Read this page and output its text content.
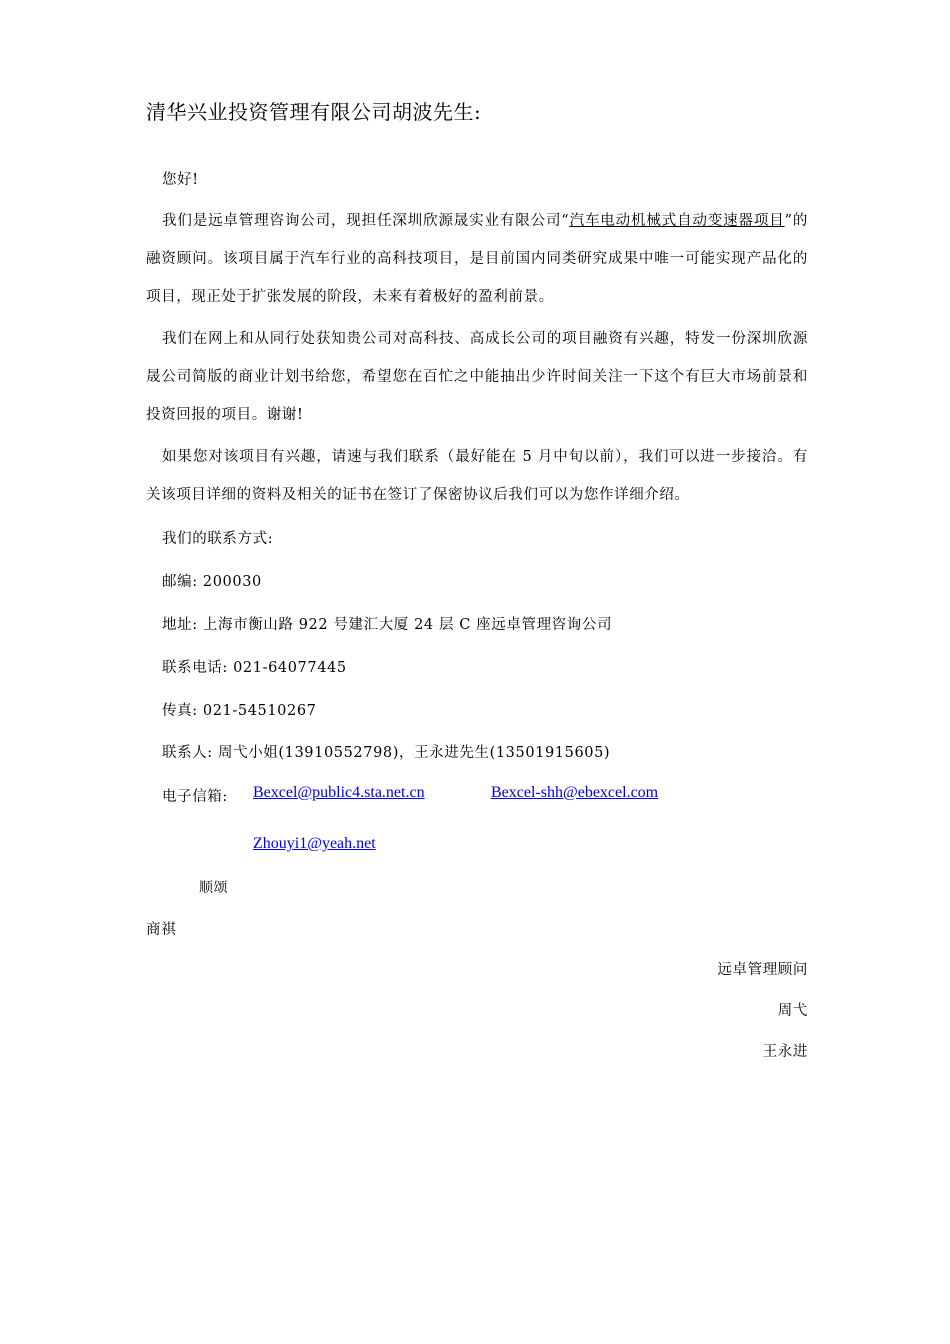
清华兴业投资管理有限公司胡波先生:
您好!

我们是远卓管理咨询公司，现担任深圳欣源晟实业有限公司“汽车电动机械式自动变速器项目”的融资顾问。该项目属于汽车行业的高科技项目，是目前国内同类研究成果中唯一可能实现产品化的项目，现正处于扩张发展的阶段，未来有着极好的盈利前景。

我们在网上和从同行处获知贵公司对高科技、高成长公司的项目融资有兴趣，特发一份深圳欣源晟公司简版的商业计划书给您，希望您在百忙之中能抽出少许时间关注一下这个有巨大市场前景和投资回报的项目。谢谢!

如果您对该项目有兴趣，请速与我们联系（最好能在 5 月中旬以前），我们可以进一步接洽。有关该项目详细的资料及相关的证书在签订了保密协议后我们可以为您作详细介绍。

我们的联系方式:
邮编: 200030
地址: 上海市衡山路 922 号建汇大厦 24 层 C 座远卓管理咨询公司
联系电话: 021-64077445
传真: 021-54510267
联系人: 周弋小姐(13910552798)，王永进先生(13501915605)
电子信箱: Bexcel@public4.sta.net.cn	Bexcel-shh@ebexcel.com
Zhouyi1@yeah.net
顺颂
商祺
远卓管理顾问
周弋
王永进
